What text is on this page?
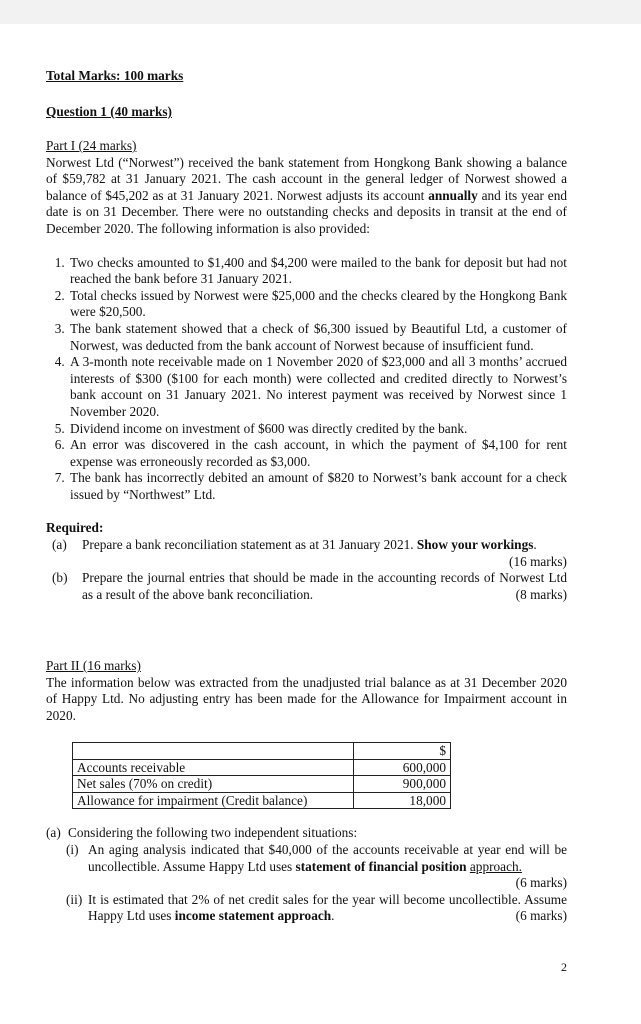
Total Marks: 100 marks
Question 1 (40 marks)
Part I (24 marks)

Norwest Ltd (“Norwest”) received the bank statement from Hongkong Bank showing a balance of $59,782 at 31 January 2021. The cash account in the general ledger of Norwest showed a balance of $45,202 as at 31 January 2021. Norwest adjusts its account annually and its year end date is on 31 December. There were no outstanding checks and deposits in transit at the end of December 2020. The following information is also provided:

1. Two checks amounted to $1,400 and $4,200 were mailed to the bank for deposit but had not reached the bank before 31 January 2021.
2. Total checks issued by Norwest were $25,000 and the checks cleared by the Hongkong Bank were $20,500.
3. The bank statement showed that a check of $6,300 issued by Beautiful Ltd, a customer of Norwest, was deducted from the bank account of Norwest because of insufficient fund.
4. A 3-month note receivable made on 1 November 2020 of $23,000 and all 3 months’ accrued interests of $300 ($100 for each month) were collected and credited directly to Norwest’s bank account on 31 January 2021. No interest payment was received by Norwest since 1 November 2020.
5. Dividend income on investment of $600 was directly credited by the bank.
6. An error was discovered in the cash account, in which the payment of $4,100 for rent expense was erroneously recorded as $3,000.
7. The bank has incorrectly debited an amount of $820 to Norwest’s bank account for a check issued by “Northwest” Ltd.
Required:
(a)	Prepare a bank reconciliation statement as at 31 January 2021. Show your workings.
(16 marks)
(b)	Prepare the journal entries that should be made in the accounting records of Norwest Ltd as a result of the above bank reconciliation.	(8 marks)
Part II (16 marks)

The information below was extracted from the unadjusted trial balance as at 31 December 2020 of Happy Ltd. No adjusting entry has been made for the Allowance for Impairment account in 2020.

	$
Accounts receivable	600,000
Net sales (70% on credit)	900,000
Allowance for impairment (Credit balance)	18,000
(a) Considering the following two independent situations:
(i) An aging analysis indicated that $40,000 of the accounts receivable at year end will be uncollectible. Assume Happy Ltd uses statement of financial position approach.
(6 marks)
(ii) It is estimated that 2% of net credit sales for the year will become uncollectible. Assume Happy Ltd uses income statement approach.	(6 marks)
2
